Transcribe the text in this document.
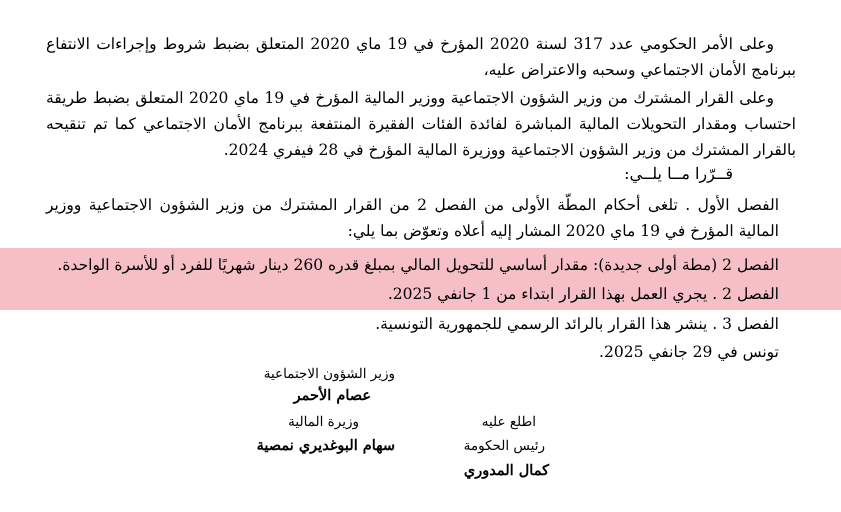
وعلى الأمر الحكومي عدد 317 لسنة 2020 المؤرخ في 19 ماي 2020 المتعلق بضبط شروط وإجراءات الانتفاع ببرنامج الأمان الاجتماعي وسحبه والاعتراض عليه،
وعلى القرار المشترك من وزير الشؤون الاجتماعية ووزير المالية المؤرخ في 19 ماي 2020 المتعلق بضبط طريقة احتساب ومقدار التحويلات المالية المباشرة لفائدة الفئات الفقيرة المنتفعة ببرنامج الأمان الاجتماعي كما تم تنقيحه بالقرار المشترك من وزير الشؤون الاجتماعية ووزيرة المالية المؤرخ في 28 فيفري 2024.
قــرّرا مــا يلــي:
الفصل الأول . تلغى أحكام المطّة الأولى من الفصل 2 من القرار المشترك من وزير الشؤون الاجتماعية ووزير المالية المؤرخ في 19 ماي 2020 المشار إليه أعلاه وتعوّض بما يلي:
الفصل 2 (مطة أولى جديدة): مقدار أساسي للتحويل المالي بمبلغ قدره 260 دينار شهريًا للفرد أو للأسرة الواحدة.
الفصل 2 . يجري العمل بهذا القرار ابتداء من 1 جانفي 2025.
الفصل 3 . ينشر هذا القرار بالرائد الرسمي للجمهورية التونسية.
تونس في 29 جانفي 2025.
وزير الشؤون الاجتماعية
عصام الأحمر
وزيرة المالية
سهام البوغديري نمصية
اطلع عليه
رئيس الحكومة
كمال المدوري
